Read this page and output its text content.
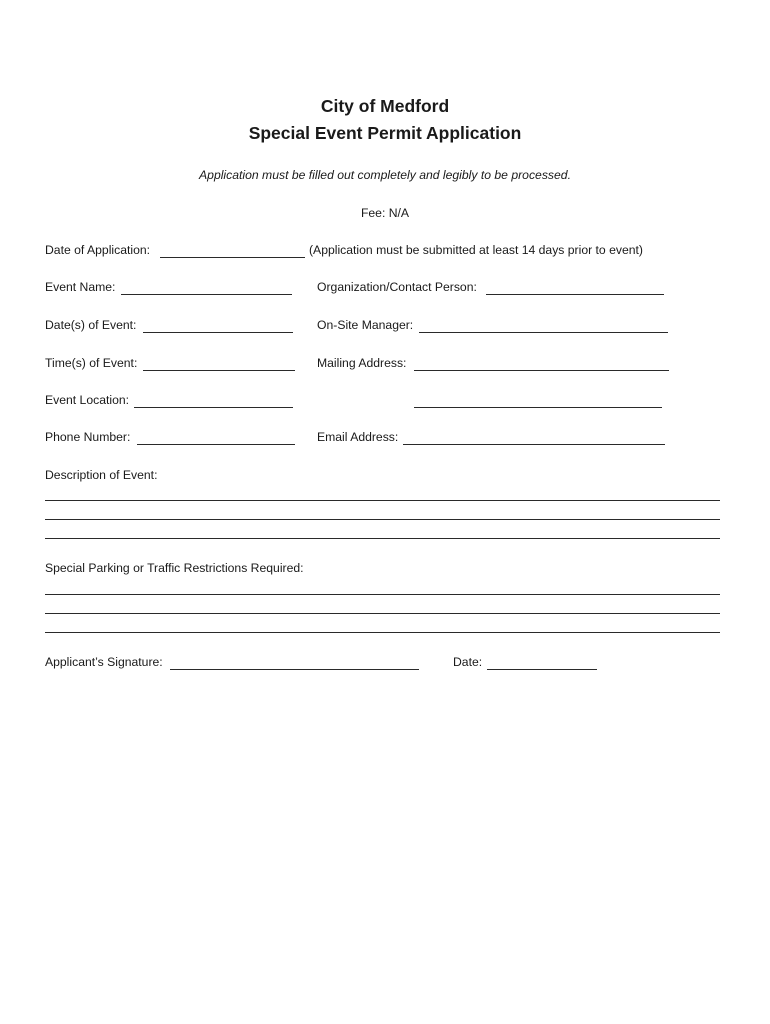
City of Medford
Special Event Permit Application
Application must be filled out completely and legibly to be processed.
Fee: N/A
Date of Application:	(Application must be submitted at least 14 days prior to event)
Event Name:	Organization/Contact Person:
Date(s) of Event:	On-Site Manager:
Time(s) of Event:	Mailing Address:
Event Location:
Phone Number:	Email Address:
Description of Event:
Special Parking or Traffic Restrictions Required:
Applicant’s Signature:	Date:
